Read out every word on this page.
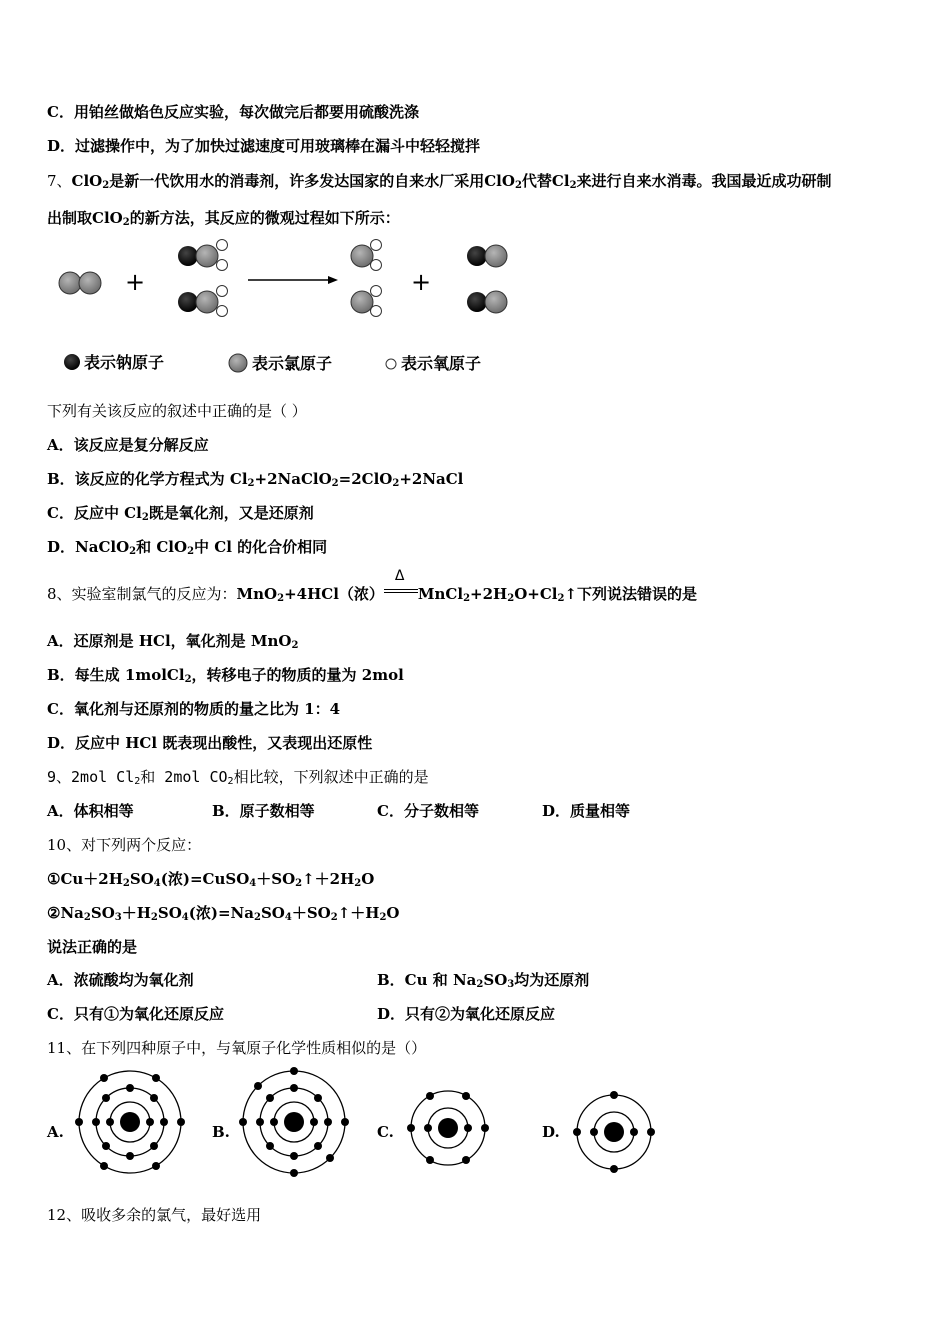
C．用铂丝做焰色反应实验，每次做完后都要用硫酸洗涤
D．过滤操作中，为了加快过滤速度可用玻璃棒在漏斗中轻轻搅拌
7、ClO$_2$是新一代饮用水的消毒剂，许多发达国家的自来水厂采用ClO$_2$代替$Cl_2$来进行自来水消毒。我国最近成功研制
出制取ClO$_2$的新方法，其反应的微观过程如下所示：
+	+
表示钠原子	表示氯原子	表示氧原子
下列有关该反应的叙述中正确的是（ ）
A．该反应是复分解反应
B．该反应的化学方程式为 $Cl_2+2NaClO_2=2ClO_2+2NaCl$
C．反应中 $Cl_2$既是氧化剂，又是还原剂
D．NaClO$_2$和 ClO$_2$中 Cl 的化合价相同
8、实验室制氯气的反应为：MnO$_2$+4HCl（浓）
Δ
$MnCl_2+2H_2O+Cl_2↑$下列说法错误的是
A．还原剂是 HCl，氧化剂是 MnO$_2$
B．每生成 1molCl$_2$，转移电子的物质的量为 2mol
C．氧化剂与还原剂的物质的量之比为 1：4
D．反应中 HCl 既表现出酸性，又表现出还原性
9、2mol $Cl_2$和 2mol $CO_2$相比较，下列叙述中正确的是
A．体积相等	B．原子数相等	C．分子数相等	D．质量相等
10、对下列两个反应：
$①Cu+2H_2SO_4$(浓)$=CuSO_4+SO_2↑+2H_2O$
$②Na_2SO_3+H_2SO_4$(浓)$=Na_2SO_4+SO_2↑+H_2O$
说法正确的是
A．浓硫酸均为氧化剂	B．Cu 和 $Na_2SO_3$均为还原剂
C．只有①为氧化还原反应	D．只有②为氧化还原反应
11、在下列四种原子中，与氧原子化学性质相似的是（）
A.	B.	C.	D.
12、吸收多余的氯气，最好选用
